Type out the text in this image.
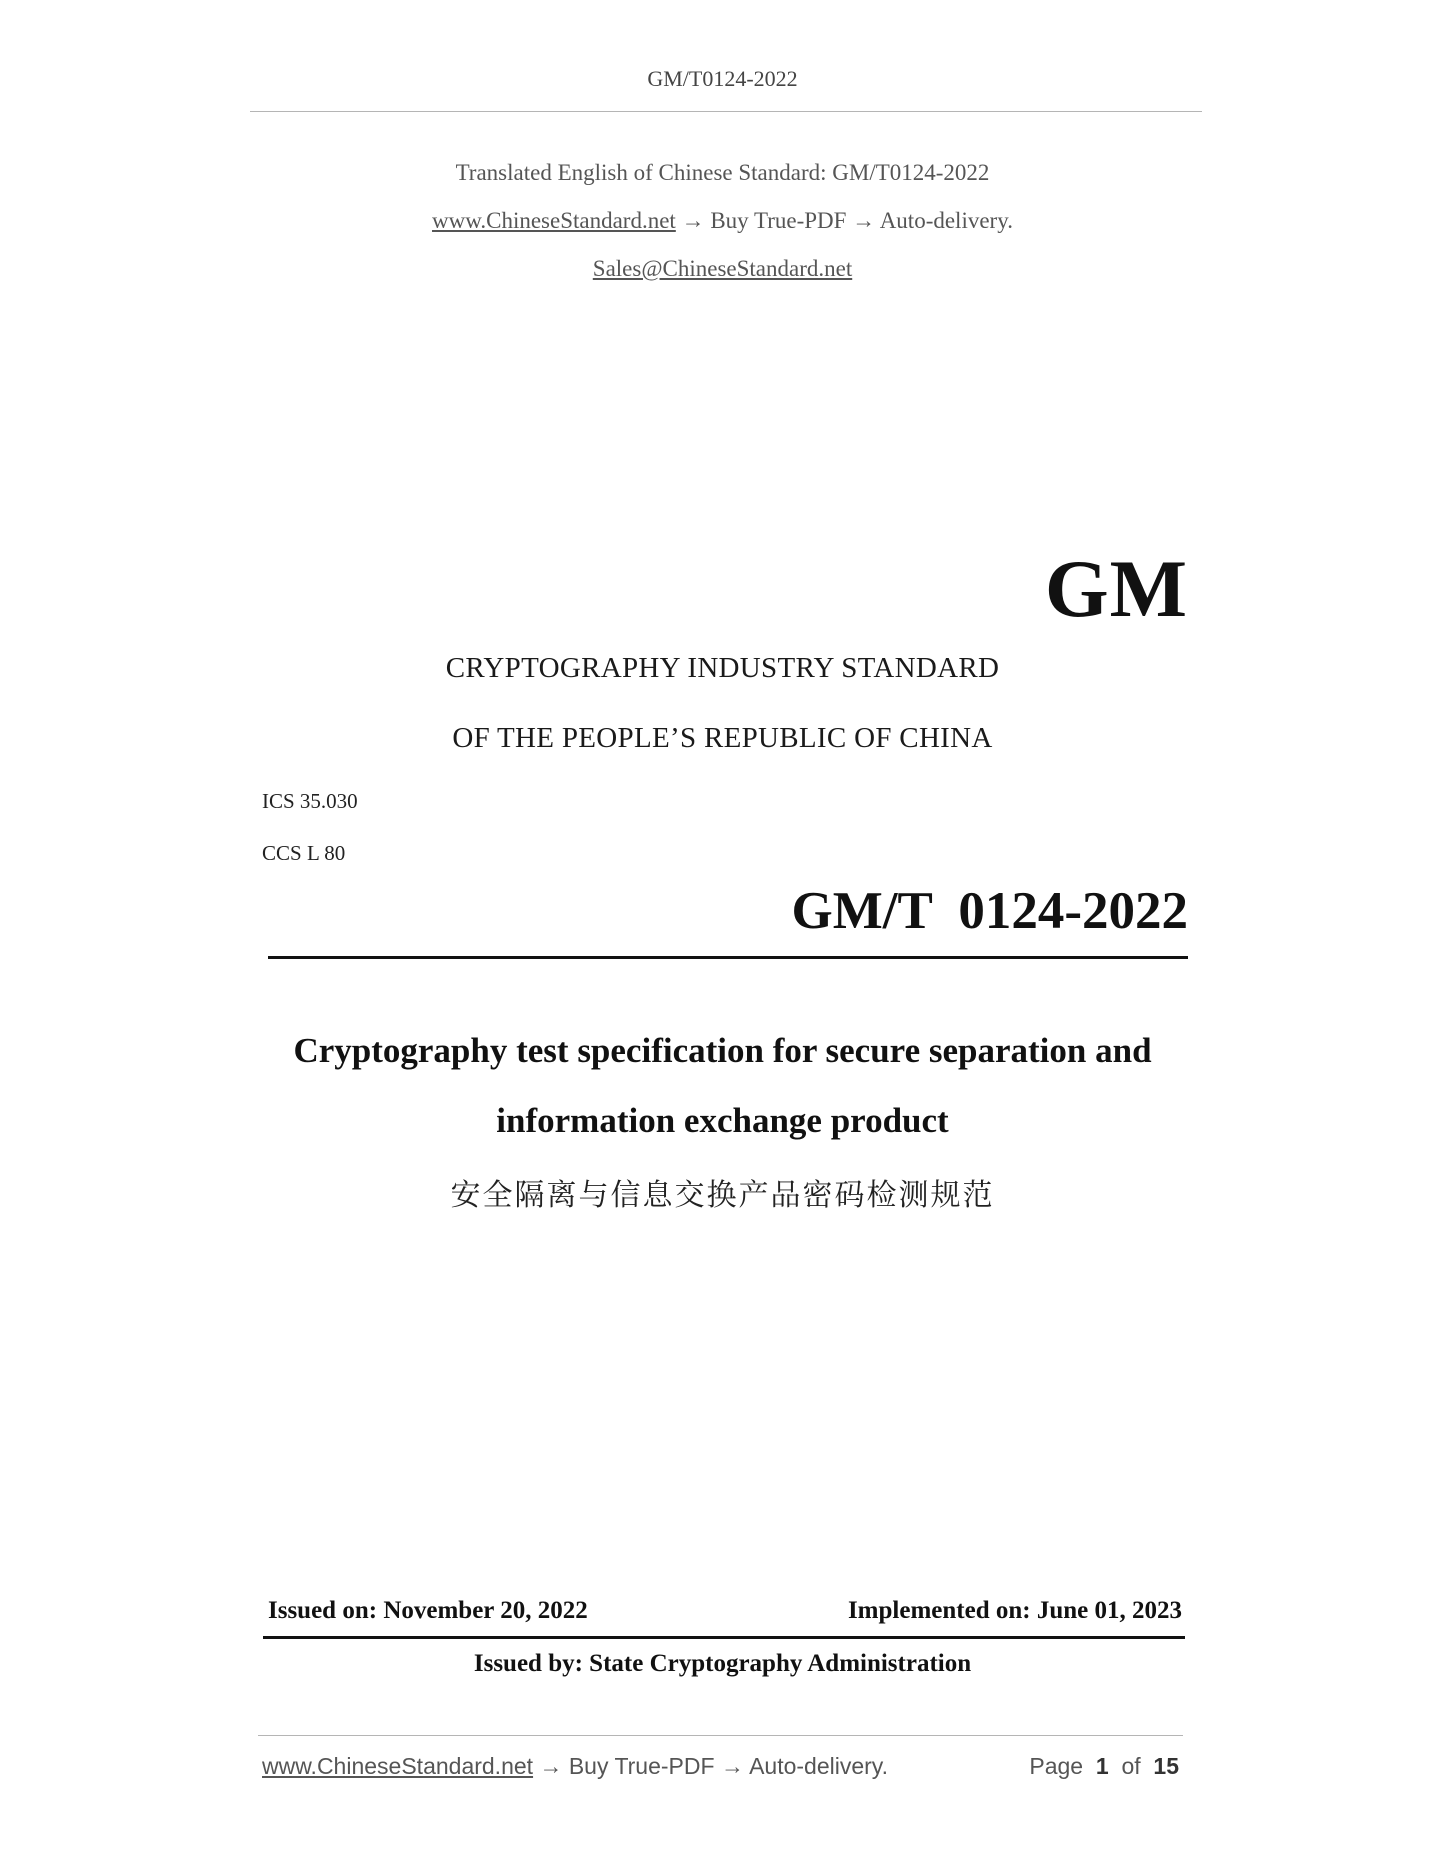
GM/T0124-2022
Translated English of Chinese Standard: GM/T0124-2022
www.ChineseStandard.net → Buy True-PDF → Auto-delivery.
Sales@ChineseStandard.net
GM
CRYPTOGRAPHY INDUSTRY STANDARD
OF THE PEOPLE’S REPUBLIC OF CHINA
ICS 35.030
CCS L 80
GM/T  0124-2022
Cryptography test specification for secure separation and
information exchange product
安全隔离与信息交换产品密码检测规范
Issued on: November 20, 2022	Implemented on: June 01, 2023
Issued by: State Cryptography Administration
www.ChineseStandard.net → Buy True-PDF → Auto-delivery.	Page 1 of 15
